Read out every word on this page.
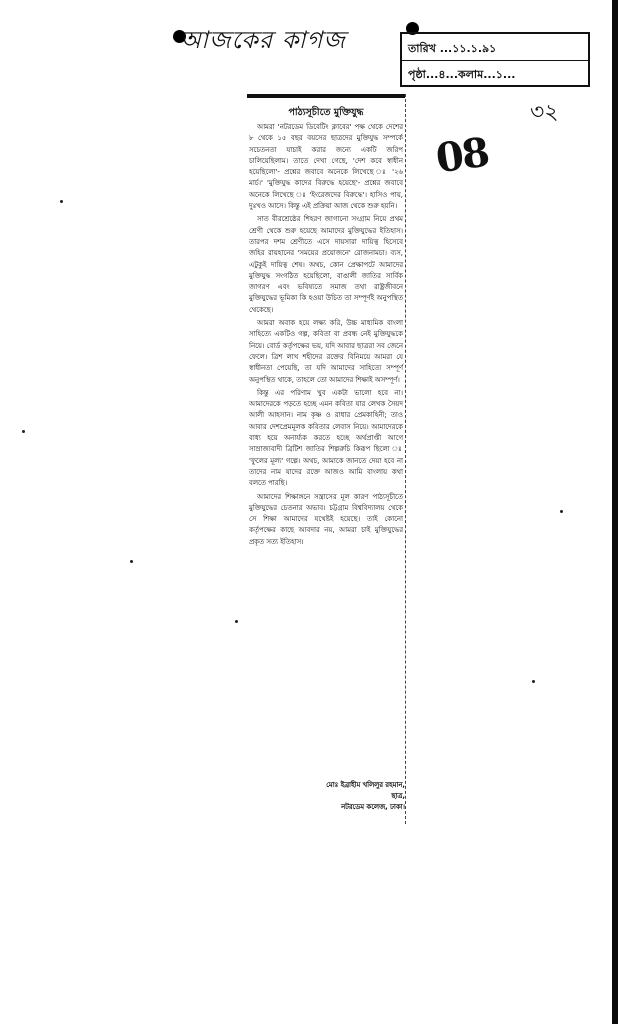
আজকের কাগজ	তারিখ ...১১.১.৯১
পৃষ্ঠা...৪...কলাম...১...
৩২
08
পাঠ্যসূচীতে মুক্তিযুদ্ধ

আমরা 'নটরডেম ডিবেটিং ক্লাবের' পক্ষ থেকে দেশের ৮ থেকে ১৫ বছর বয়সের ছাত্রদের মুক্তিযুদ্ধ সম্পর্কে সচেতনতা যাচাই করার জন্যে একটি জরিপ চালিয়েছিলাম। তাতে দেখা গেছে, 'দেশ কবে স্বাধীন হয়েছিলো'- প্রশ্নের জবাবে অনেকে লিখেছে ঃ '২৬ মার্চ।' 'মুক্তিযুদ্ধ কাদের বিরুদ্ধে হয়েছে'- প্রশ্নের জবাবে অনেকে লিখেছে ঃ 'ইংরেজদের বিরুদ্ধে'। হাসিও পায়, দুঃখও আসে। কিন্তু এই প্রক্রিয়া আজ থেকে শুরু হয়নি।

সাত বীরশ্রেষ্ঠের শিহরণ জাগানো সংগ্রাম নিয়ে প্রথম শ্রেণী থেকে শুরু হয়েছে আমাদের মুক্তিযুদ্ধের ইতিহাস। তারপর দশম শ্রেণীতে এসে দায়সারা দায়িত্ব হিসেবে জহির রায়হানের 'সময়ের প্রয়োজনে' রোজনামচা। ব্যস, এটুকুই দায়িত্ব শেষ। অথচ, কোন প্রেক্ষাপটে আমাদের মুক্তিযুদ্ধ সংগঠিত হয়েছিলো, বাঙালী জাতির সার্বিক জাগরণ এবং ভবিষ্যতে সমাজ তথা রাষ্ট্রজীবনে মুক্তিযুদ্ধের ভূমিকা কি হওয়া উচিত তা সম্পূর্ণই অনুপস্থিত থেকেছে।

আমরা অবাক হয়ে লক্ষ্য করি, উচ্চ মাধ্যমিক বাংলা সাহিত্যে একটিও গল্প, কবিতা বা প্রবন্ধ নেই মুক্তিযুদ্ধকে নিয়ে। বোর্ড কর্তৃপক্ষের ভয়, যদি আবার ছাত্ররা সব জেনে ফেলে। ত্রিশ লাখ শহীদের রক্তের বিনিময়ে আমরা যে স্বাধীনতা পেয়েছি, তা যদি আমাদের সাহিত্যে সম্পূর্ণ অনুপস্থিত থাকে, তাহলে তো আমাদের শিক্ষাই অসম্পূর্ণ।

কিন্তু এর পরিণাম খুব একটা ভালো হবে না। আমাদেরকে পড়তে হচ্ছে এমন কবিতা যার লেখক সৈয়দ আলী আহসান। নাম কৃষ্ণ ও রাধার প্রেমকাহিনী; তাও আবার দেশপ্রেমমূলক কবিতার লেবাস নিয়ে। আমাদেরকে বাধ্য হয়ে অনার্য্যক করতে হচ্ছে অর্থপ্রাপ্তী আগে সাম্রাজ্যবাদী ব্রিটিশ জাতির শিল্পরুচি কিরূপ ছিলো ঃ 'ফুলের মূল্য' গল্পে। অথচ, আমাকে জানতে দেয়া হবে না তাদের নাম যাদের রক্তে আজও আমি বাংলায় কথা বলতে পারছি।

আমাদের শিক্ষাঙ্গনে সন্ত্রাসের মূল কারণ পাঠ্যসূচীতে মুক্তিযুদ্ধের চেতনার অভাব। চট্টগ্রাম বিশ্ববিদ্যালয় থেকে সে শিক্ষা আমাদের যথেষ্টই হয়েছে। তাই কোনো কর্তৃপক্ষের কাছে আবদার নয়, আমরা চাই মুক্তিযুদ্ধের প্রকৃত সত্য ইতিহাস।

মোঃ ইব্রাহীম খলিলুর রহমান,
ছাত্র,
নটরডেম কলেজ, ঢাকা।
